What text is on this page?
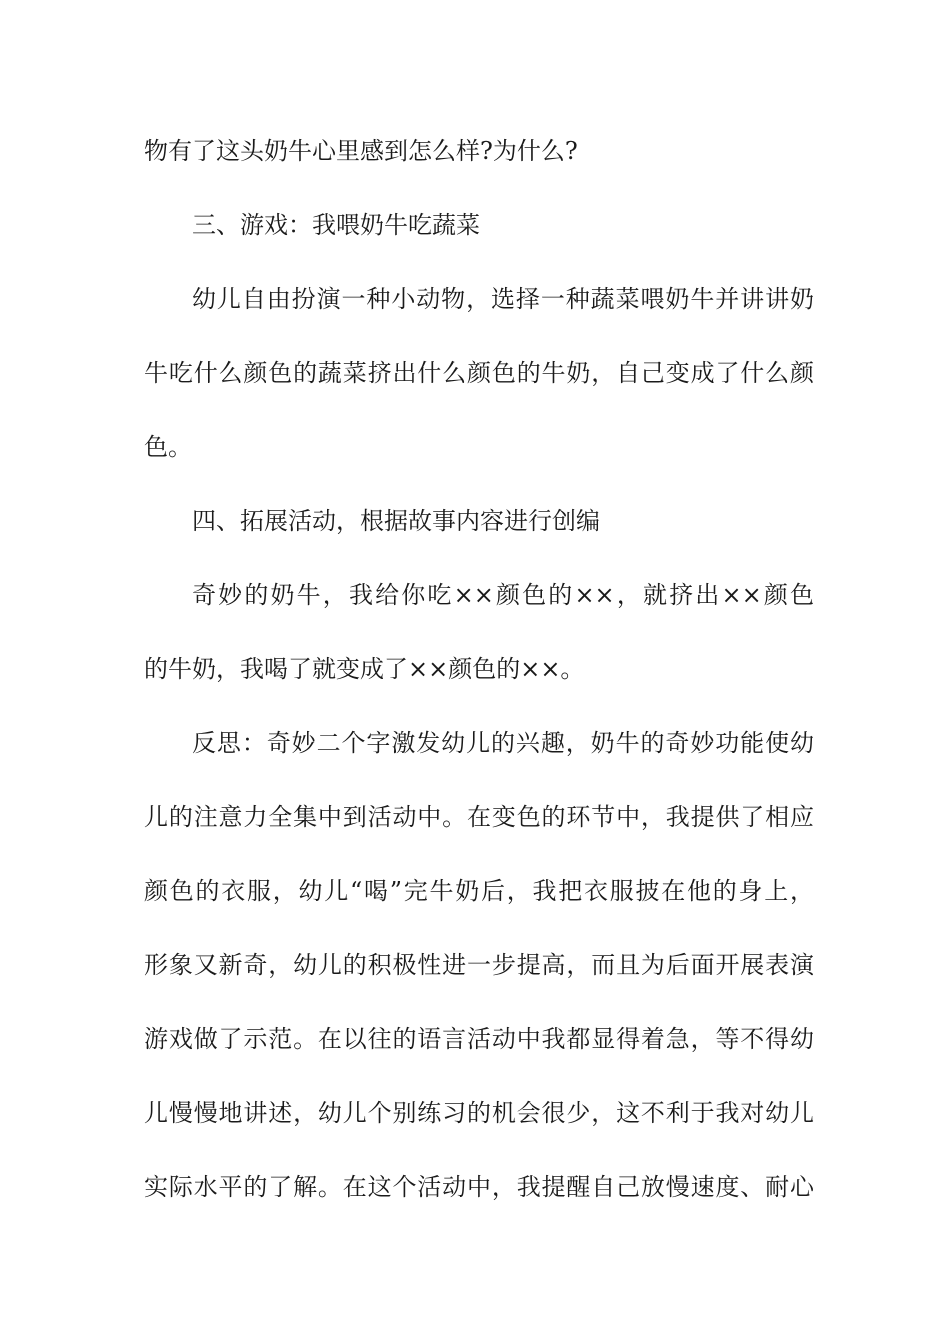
物有了这头奶牛心里感到怎么样?为什么?
三、游戏：我喂奶牛吃蔬菜
幼儿自由扮演一种小动物，选择一种蔬菜喂奶牛并讲讲奶
牛吃什么颜色的蔬菜挤出什么颜色的牛奶，自己变成了什么颜
色。
四、拓展活动，根据故事内容进行创编
奇妙的奶牛，我给你吃××颜色的××，就挤出××颜色
的牛奶，我喝了就变成了××颜色的××。
反思：奇妙二个字激发幼儿的兴趣，奶牛的奇妙功能使幼
儿的注意力全集中到活动中。在变色的环节中，我提供了相应
颜色的衣服，幼儿“喝”完牛奶后，我把衣服披在他的身上，
形象又新奇，幼儿的积极性进一步提高，而且为后面开展表演
游戏做了示范。在以往的语言活动中我都显得着急，等不得幼
儿慢慢地讲述，幼儿个别练习的机会很少，这不利于我对幼儿
实际水平的了解。在这个活动中，我提醒自己放慢速度、耐心
